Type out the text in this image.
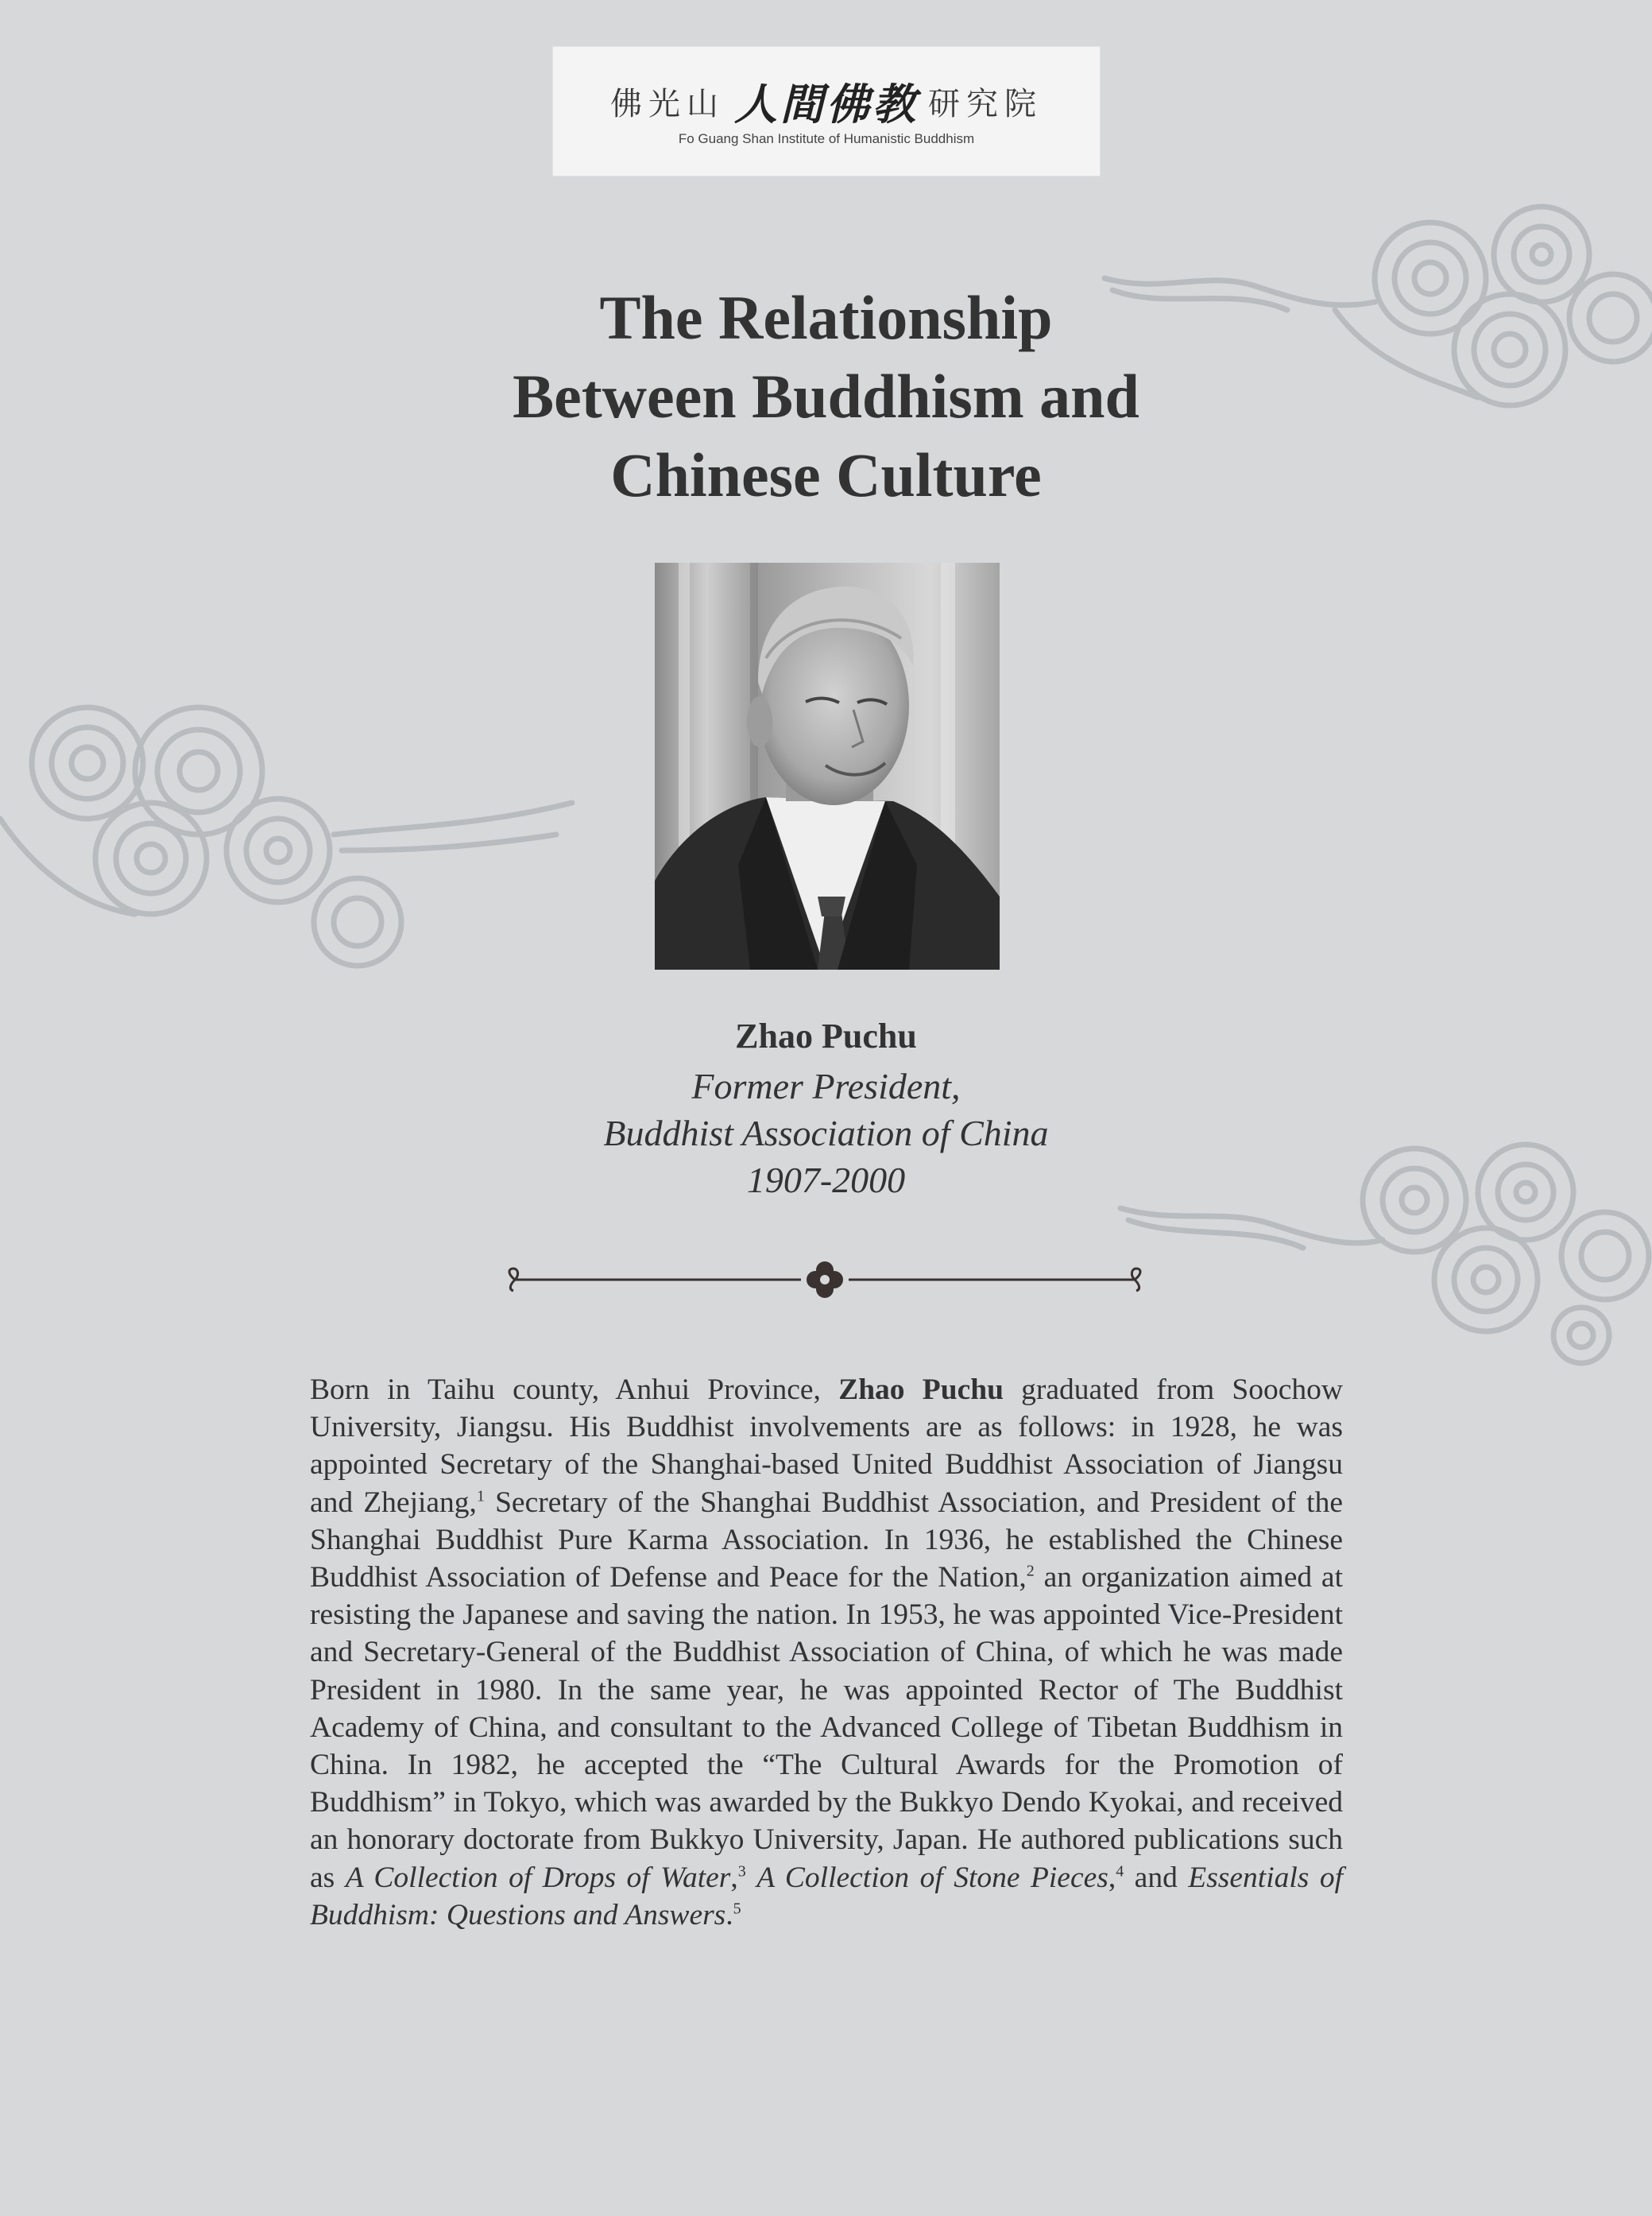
佛光山 人間佛教 研究院
Fo Guang Shan Institute of Humanistic Buddhism
The Relationship
Between Buddhism and
Chinese Culture
Zhao Puchu
Former President,
Buddhist Association of China
1907-2000
Born in Taihu county, Anhui Province, Zhao Puchu graduated from Soochow University, Jiangsu. His Buddhist involvements are as follows: in 1928, he was appointed Secretary of the Shanghai-based United Buddhist Association of Jiangsu and Zhejiang,$^1$ Secretary of the Shanghai Buddhist Association, and President of the Shanghai Buddhist Pure Karma Association. In 1936, he established the Chinese Buddhist Association of Defense and Peace for the Nation,$^2$ an organization aimed at resisting the Japanese and saving the nation. In 1953, he was appointed Vice-President and Secretary-General of the Buddhist Association of China, of which he was made President in 1980. In the same year, he was appointed Rector of The Buddhist Academy of China, and consultant to the Advanced College of Tibetan Buddhism in China. In 1982, he accepted the “The Cultural Awards for the Promotion of Buddhism” in Tokyo, which was awarded by the Bukkyo Dendo Kyokai, and received an honorary doctorate from Bukkyo University, Japan. He authored publications such as A Collection of Drops of Water,$^3$ A Collection of Stone Pieces,$^4$ and Essentials of Buddhism: Questions and Answers.$^5$
